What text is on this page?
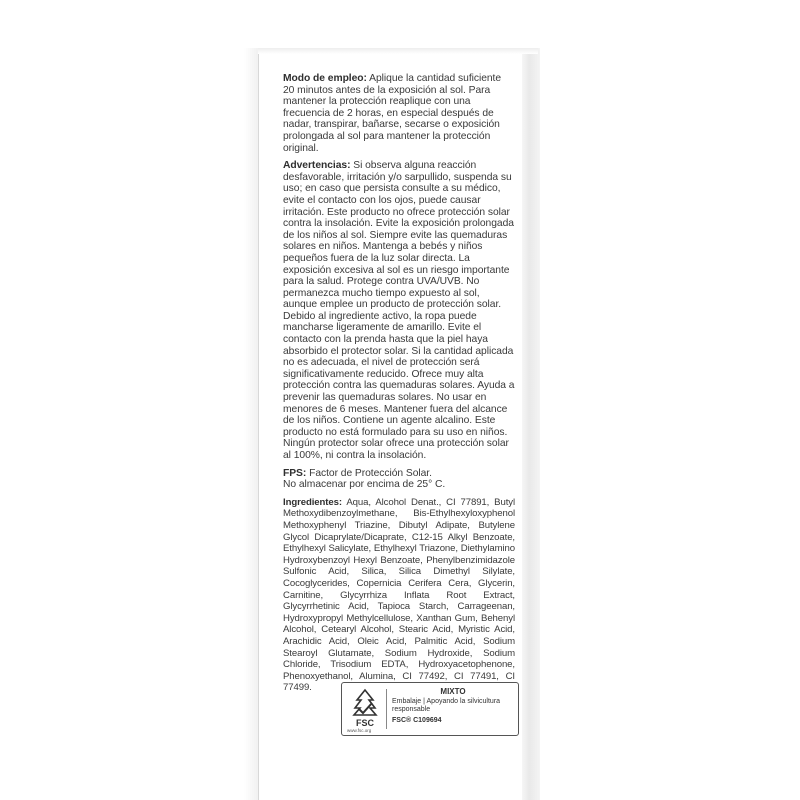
Modo de empleo: Aplique la cantidad suficiente 20 minutos antes de la exposición al sol. Para mantener la protección reaplique con una frecuencia de 2 horas, en especial después de nadar, transpirar, bañarse, secarse o exposición prolongada al sol para mantener la protección original.

Advertencias: Si observa alguna reacción desfavorable, irritación y/o sarpullido, suspenda su uso; en caso que persista consulte a su médico, evite el contacto con los ojos, puede causar irritación. Este producto no ofrece protección solar contra la insolación. Evite la exposición prolongada de los niños al sol. Siempre evite las quemaduras solares en niños. Mantenga a bebés y niños pequeños fuera de la luz solar directa. La exposición excesiva al sol es un riesgo importante para la salud. Protege contra UVA/UVB. No permanezca mucho tiempo expuesto al sol, aunque emplee un producto de protección solar. Debido al ingrediente activo, la ropa puede mancharse ligeramente de amarillo. Evite el contacto con la prenda hasta que la piel haya absorbido el protector solar. Si la cantidad aplicada no es adecuada, el nivel de protección será significativamente reducido. Ofrece muy alta protección contra las quemaduras solares. Ayuda a prevenir las quemaduras solares. No usar en menores de 6 meses. Mantener fuera del alcance de los niños. Contiene un agente alcalino. Este producto no está formulado para su uso en niños. Ningún protector solar ofrece una protección solar al 100%, ni contra la insolación.

FPS: Factor de Protección Solar.
No almacenar por encima de 25° C.

Ingredientes: Aqua, Alcohol Denat., CI 77891, Butyl Methoxydibenzoylmethane, Bis-Ethylhexyloxyphenol Methoxyphenyl Triazine, Dibutyl Adipate, Butylene Glycol Dicaprylate/Dicaprate, C12-15 Alkyl Benzoate, Ethylhexyl Salicylate, Ethylhexyl Triazone, Diethylamino Hydroxybenzoyl Hexyl Benzoate, Phenylbenzimidazole Sulfonic Acid, Silica, Silica Dimethyl Silylate, Cocoglycerides, Copernicia Cerifera Cera, Glycerin, Carnitine, Glycyrrhiza Inflata Root Extract, Glycyrrhetinic Acid, Tapioca Starch, Carrageenan, Hydroxypropyl Methylcellulose, Xanthan Gum, Behenyl Alcohol, Cetearyl Alcohol, Stearic Acid, Myristic Acid, Arachidic Acid, Oleic Acid, Palmitic Acid, Sodium Stearoyl Glutamate, Sodium Hydroxide, Sodium Chloride, Trisodium EDTA, Hydroxyacetophenone, Phenoxyethanol, Alumina, CI 77492, CI 77491, CI 77499.

FSC
www.fsc.org
MIXTO
Embalaje | Apoyando la silvicultura responsable
FSC® C109694
